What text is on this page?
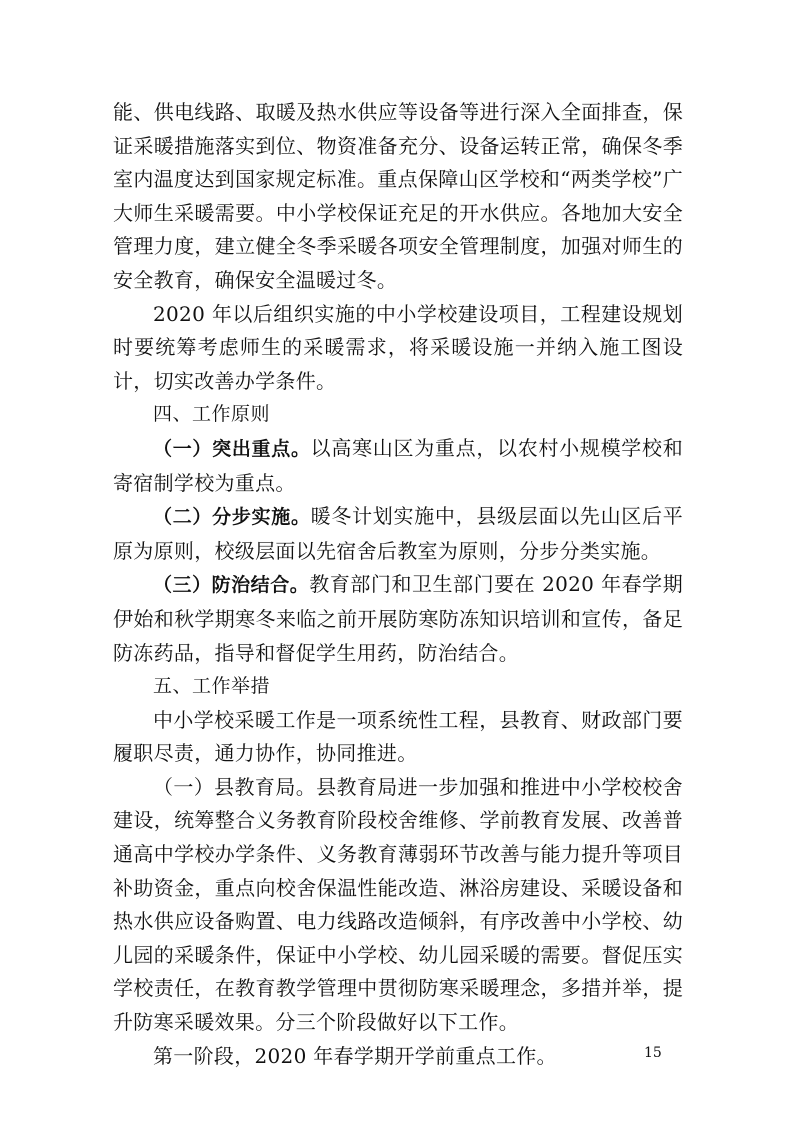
能、供电线路、取暖及热水供应等设备等进行深入全面排查，保证采暖措施落实到位、物资准备充分、设备运转正常，确保冬季室内温度达到国家规定标准。重点保障山区学校和“两类学校”广大师生采暖需要。中小学校保证充足的开水供应。各地加大安全管理力度，建立健全冬季采暖各项安全管理制度，加强对师生的安全教育，确保安全温暖过冬。

2020 年以后组织实施的中小学校建设项目，工程建设规划时要统筹考虑师生的采暖需求，将采暖设施一并纳入施工图设计，切实改善办学条件。

四、工作原则

（一）突出重点。以高寒山区为重点，以农村小规模学校和寄宿制学校为重点。

（二）分步实施。暖冬计划实施中，县级层面以先山区后平原为原则，校级层面以先宿舍后教室为原则，分步分类实施。

（三）防治结合。教育部门和卫生部门要在 2020 年春学期伊始和秋学期寒冬来临之前开展防寒防冻知识培训和宣传，备足防冻药品，指导和督促学生用药，防治结合。

五、工作举措

中小学校采暖工作是一项系统性工程，县教育、财政部门要履职尽责，通力协作，协同推进。

（一）县教育局。县教育局进一步加强和推进中小学校校舍建设，统筹整合义务教育阶段校舍维修、学前教育发展、改善普通高中学校办学条件、义务教育薄弱环节改善与能力提升等项目补助资金，重点向校舍保温性能改造、淋浴房建设、采暖设备和热水供应设备购置、电力线路改造倾斜，有序改善中小学校、幼儿园的采暖条件，保证中小学校、幼儿园采暖的需要。督促压实学校责任，在教育教学管理中贯彻防寒采暖理念，多措并举，提升防寒采暖效果。分三个阶段做好以下工作。

第一阶段，2020 年春学期开学前重点工作。	15
